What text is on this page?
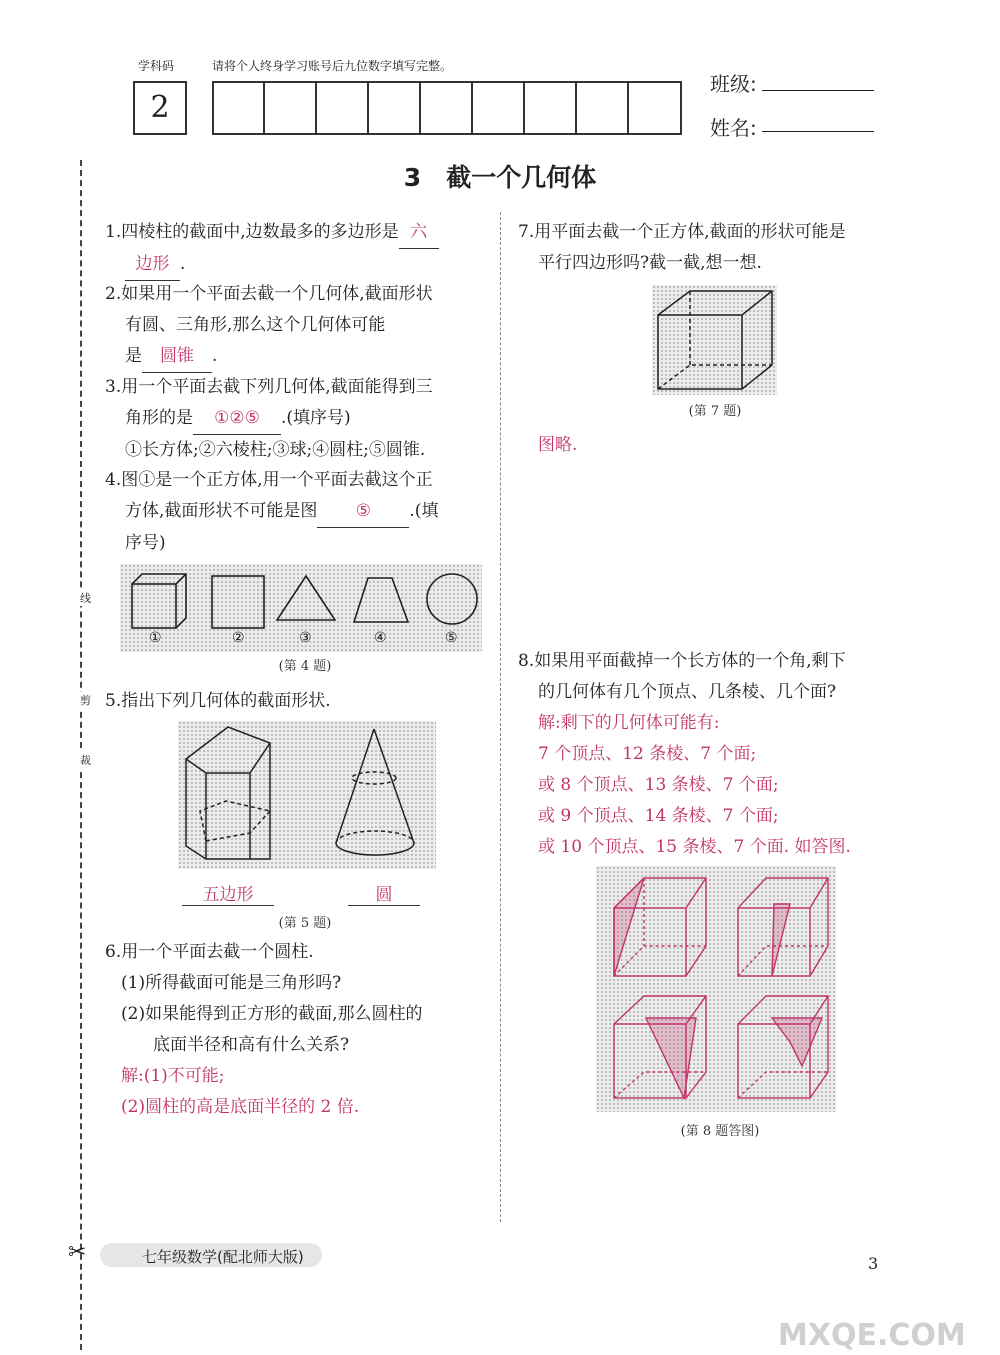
学科码
2
请将个人终身学习账号后九位数字填写完整。
班级:
姓名:
3　截一个几何体
线
剪
裁
1.四棱柱的截面中,边数最多的多边形是 六
边形 .
2.如果用一个平面去截一个几何体,截面形状
有圆、三角形,那么这个几何体可能
是 圆锥 .
3.用一个平面去截下列几何体,截面能得到三
角形的是 ①②⑤ .(填序号)
①长方体;②六棱柱;③球;④圆柱;⑤圆锥.
4.图①是一个正方体,用一个平面去截这个正
方体,截面形状不可能是图 ⑤ .(填
序号)
①	②	③	④	⑤
(第 4 题)
5.指出下列几何体的截面形状.
五边形	圆
(第 5 题)
6.用一个平面去截一个圆柱.
(1)所得截面可能是三角形吗?
(2)如果能得到正方形的截面,那么圆柱的
底面半径和高有什么关系?
解:(1)不可能;
(2)圆柱的高是底面半径的 2 倍.
7.用平面去截一个正方体,截面的形状可能是
平行四边形吗?截一截,想一想.
(第 7 题)
图略.
8.如果用平面截掉一个长方体的一个角,剩下
的几何体有几个顶点、几条棱、几个面?
解:剩下的几何体可能有:
7 个顶点、12 条棱、7 个面;
或 8 个顶点、13 条棱、7 个面;
或 9 个顶点、14 条棱、7 个面;
或 10 个顶点、15 条棱、7 个面. 如答图.
(第 8 题答图)
✂	七年级数学(配北师大版)	3
MXQE.COM
